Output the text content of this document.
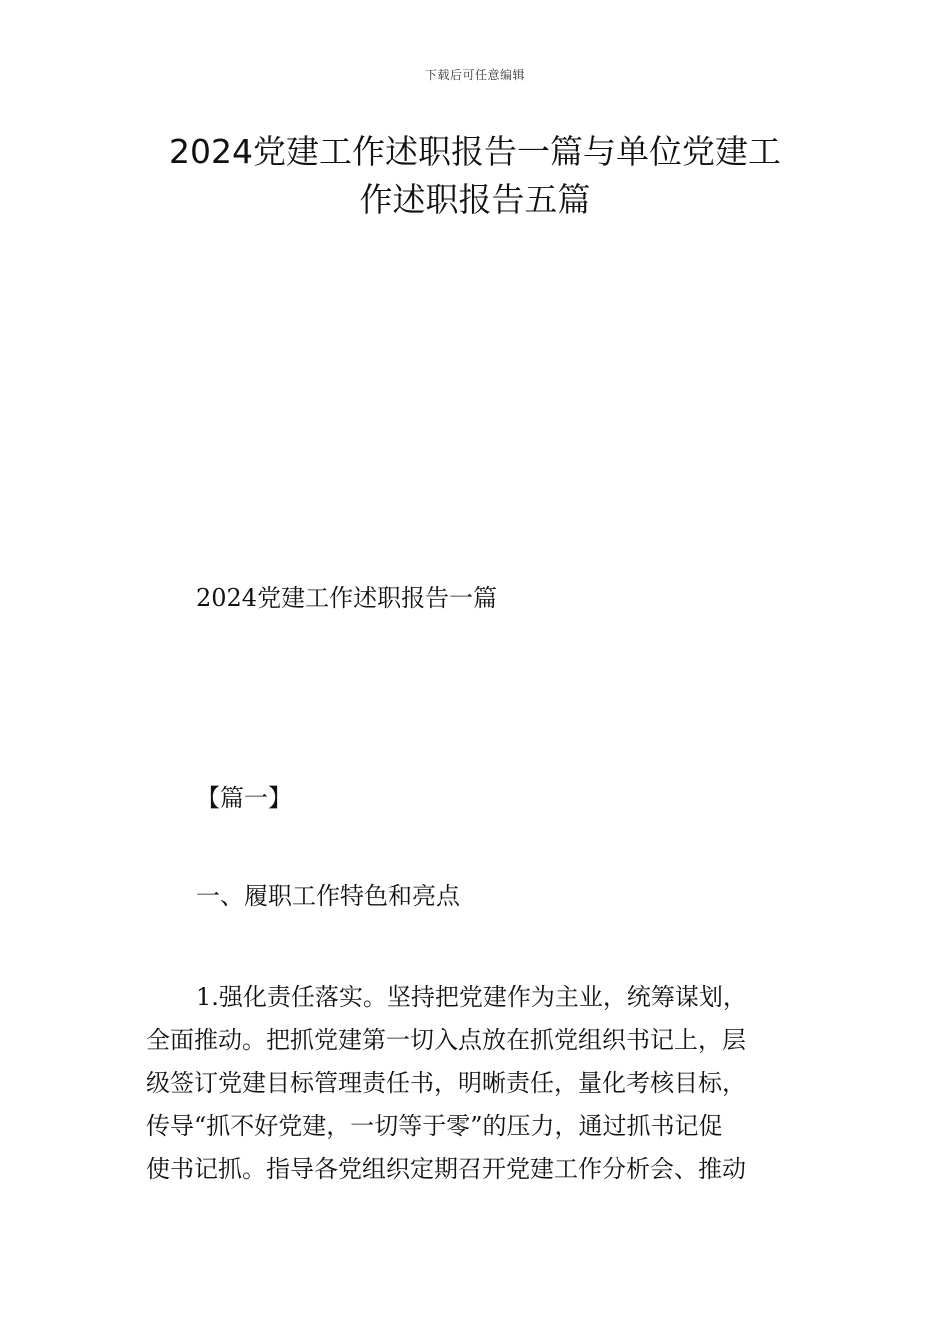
下载后可任意编辑
2024党建工作述职报告一篇与单位党建工
作述职报告五篇

2024党建工作述职报告一篇

【篇一】

一、履职工作特色和亮点

1.强化责任落实。坚持把党建作为主业，统筹谋划，
全面推动。把抓党建第一切入点放在抓党组织书记上，层
级签订党建目标管理责任书，明晰责任，量化考核目标，
传导“抓不好党建，一切等于零”的压力，通过抓书记促
使书记抓。指导各党组织定期召开党建工作分析会、推动
